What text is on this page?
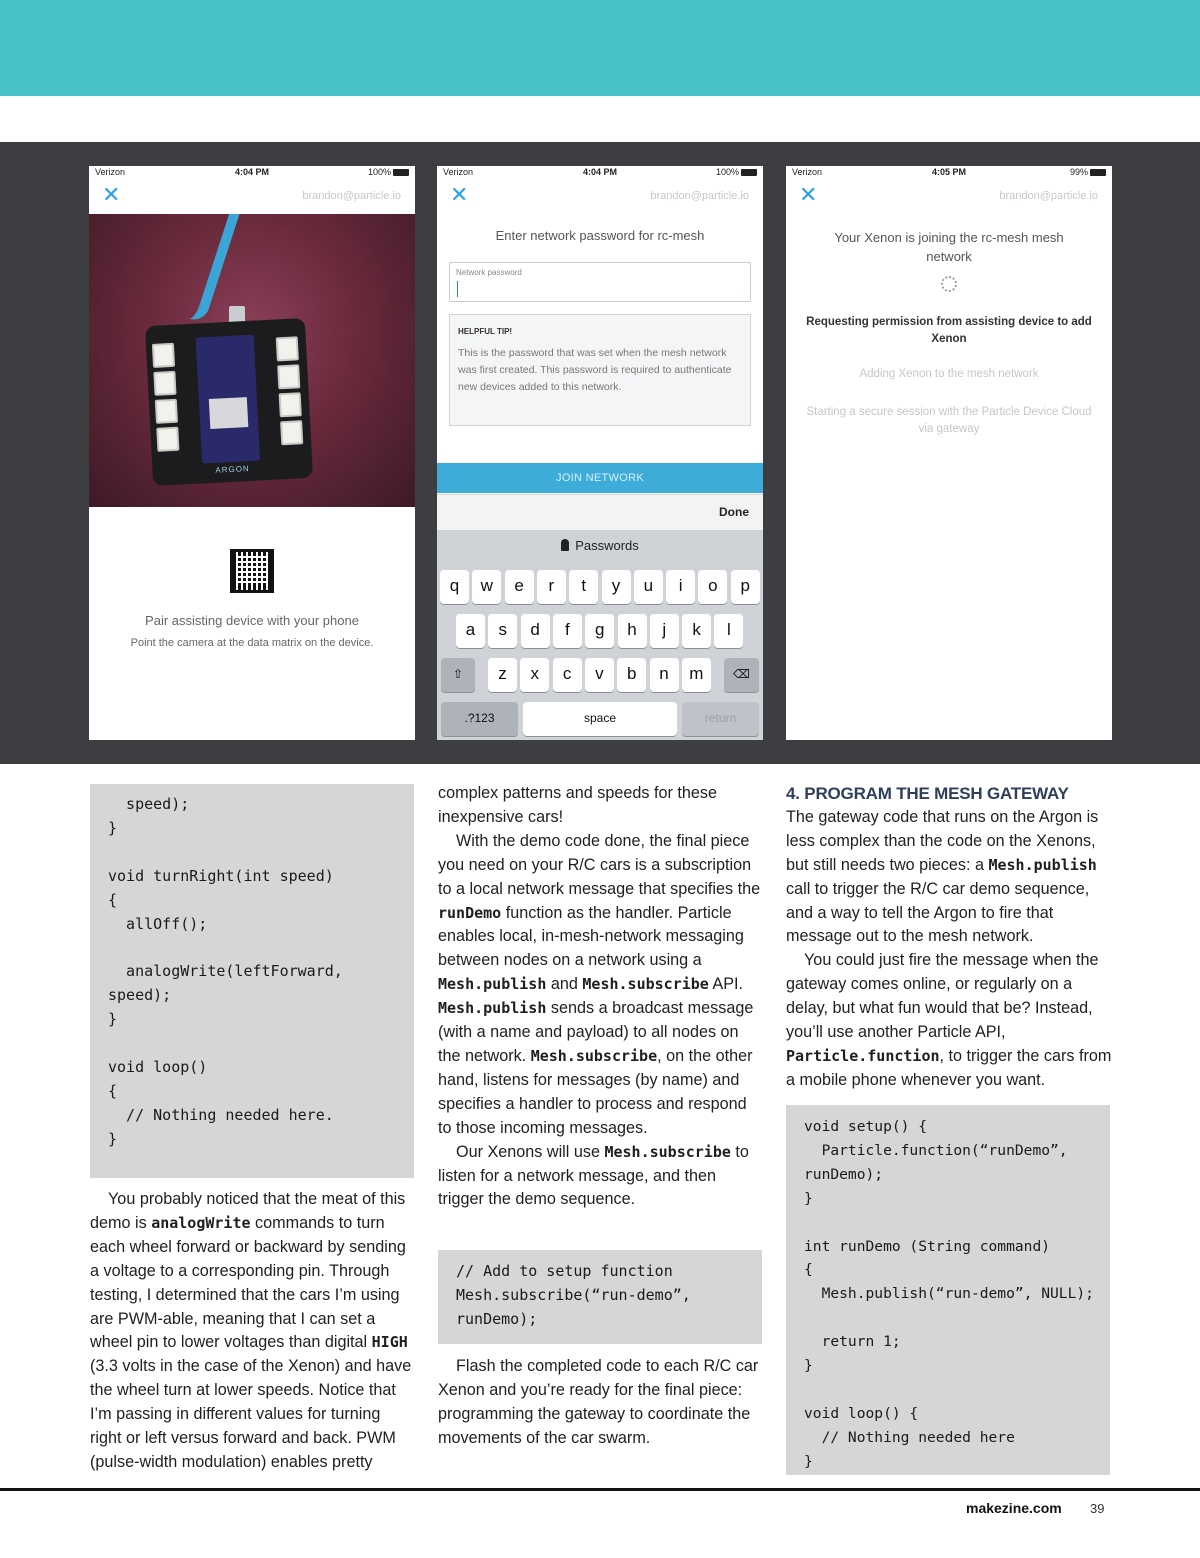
Verizon	4:04 PM	100%
✕	brandon@particle.io
ARGON
Pair assisting device with your phone
Point the camera at the data matrix on the device.
Verizon	4:04 PM	100%
✕	brandon@particle.io
Enter network password for rc-mesh
Network password
HELPFUL TIP!
This is the password that was set when the mesh network was first created. This password is required to authenticate new devices added to this network.
JOIN NETWORK
Done
Passwords
q	w	e	r	t	y	u	i	o	p
a	s	d	f	g	h	j	k	l
⇧	⌫
z	x	c	v	b	n	m
.?123	space	return
Verizon	4:05 PM	99%
✕	brandon@particle.io
Your Xenon is joining the rc-mesh mesh network
Requesting permission from assisting device to add Xenon
Adding Xenon to the mesh network
Starting a secure session with the Particle Device Cloud via gateway
speed);
}

void turnRight(int speed)
{
allOff();

analogWrite(leftForward,
speed);
}

void loop()
{
// Nothing needed here.
}

You probably noticed that the meat of this demo is analogWrite commands to turn each wheel forward or backward by sending a voltage to a corresponding pin. Through testing, I determined that the cars I’m using are PWM-able, meaning that I can set a wheel pin to lower voltages than digital HIGH (3.3 volts in the case of the Xenon) and have the wheel turn at lower speeds. Notice that I’m passing in different values for turning right or left versus forward and back. PWM (pulse-width modulation) enables pretty

complex patterns and speeds for these inexpensive cars!

With the demo code done, the final piece you need on your R/C cars is a subscription to a local network message that specifies the runDemo function as the handler. Particle enables local, in-mesh-network messaging between nodes on a network using a Mesh.publish and Mesh.subscribe API. Mesh.publish sends a broadcast message (with a name and payload) to all nodes on the network. Mesh.subscribe, on the other hand, listens for messages (by name) and specifies a handler to process and respond to those incoming messages.

Our Xenons will use Mesh.subscribe to listen for a network message, and then trigger the demo sequence.

// Add to setup function
Mesh.subscribe(“run-demo”,
runDemo);

Flash the completed code to each R/C car Xenon and you’re ready for the final piece: programming the gateway to coordinate the movements of the car swarm.

4. PROGRAM THE MESH GATEWAY

The gateway code that runs on the Argon is less complex than the code on the Xenons, but still needs two pieces: a Mesh.publish call to trigger the R/C car demo sequence, and a way to tell the Argon to fire that message out to the mesh network.

You could just fire the message when the gateway comes online, or regularly on a delay, but what fun would that be? Instead, you’ll use another Particle API, Particle.function, to trigger the cars from a mobile phone whenever you want.

void setup() {
Particle.function(“runDemo”,
runDemo);
}

int runDemo (String command)
{
Mesh.publish(“run-demo”, NULL);

return 1;
}

void loop() {
// Nothing needed here
}
makezine.com 39
